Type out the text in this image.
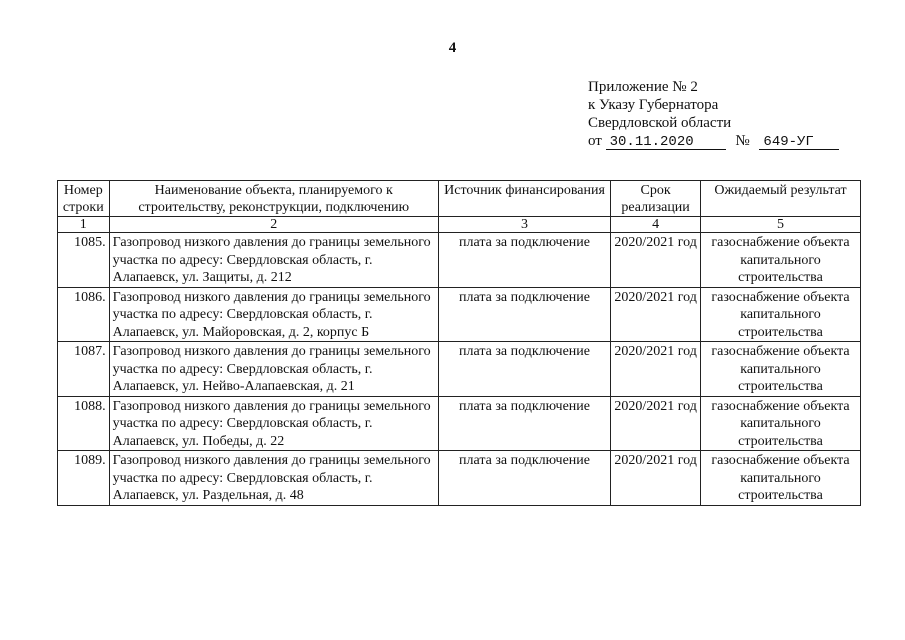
4
Приложение № 2
к Указу Губернатора
Свердловской области
от 30.11.2020	№ 649-УГ
Номер строки	Наименование объекта, планируемого к строительству, реконструкции, подключению	Источник финансирования	Срок реализации	Ожидаемый результат
1	2	3	4	5
1085.	Газопровод низкого давления до границы земельного участка по адресу: Свердловская область, г. Алапаевск, ул. Защиты, д. 212	плата за подключение	2020/2021 год	газоснабжение объекта капитального строительства
1086.	Газопровод низкого давления до границы земельного участка по адресу: Свердловская область, г. Алапаевск, ул. Майоровская, д. 2, корпус Б	плата за подключение	2020/2021 год	газоснабжение объекта капитального строительства
1087.	Газопровод низкого давления до границы земельного участка по адресу: Свердловская область, г. Алапаевск, ул. Нейво-Алапаевская, д. 21	плата за подключение	2020/2021 год	газоснабжение объекта капитального строительства
1088.	Газопровод низкого давления до границы земельного участка по адресу: Свердловская область, г. Алапаевск, ул. Победы, д. 22	плата за подключение	2020/2021 год	газоснабжение объекта капитального строительства
1089.	Газопровод низкого давления до границы земельного участка по адресу: Свердловская область, г. Алапаевск, ул. Раздельная, д. 48	плата за подключение	2020/2021 год	газоснабжение объекта капитального строительства
